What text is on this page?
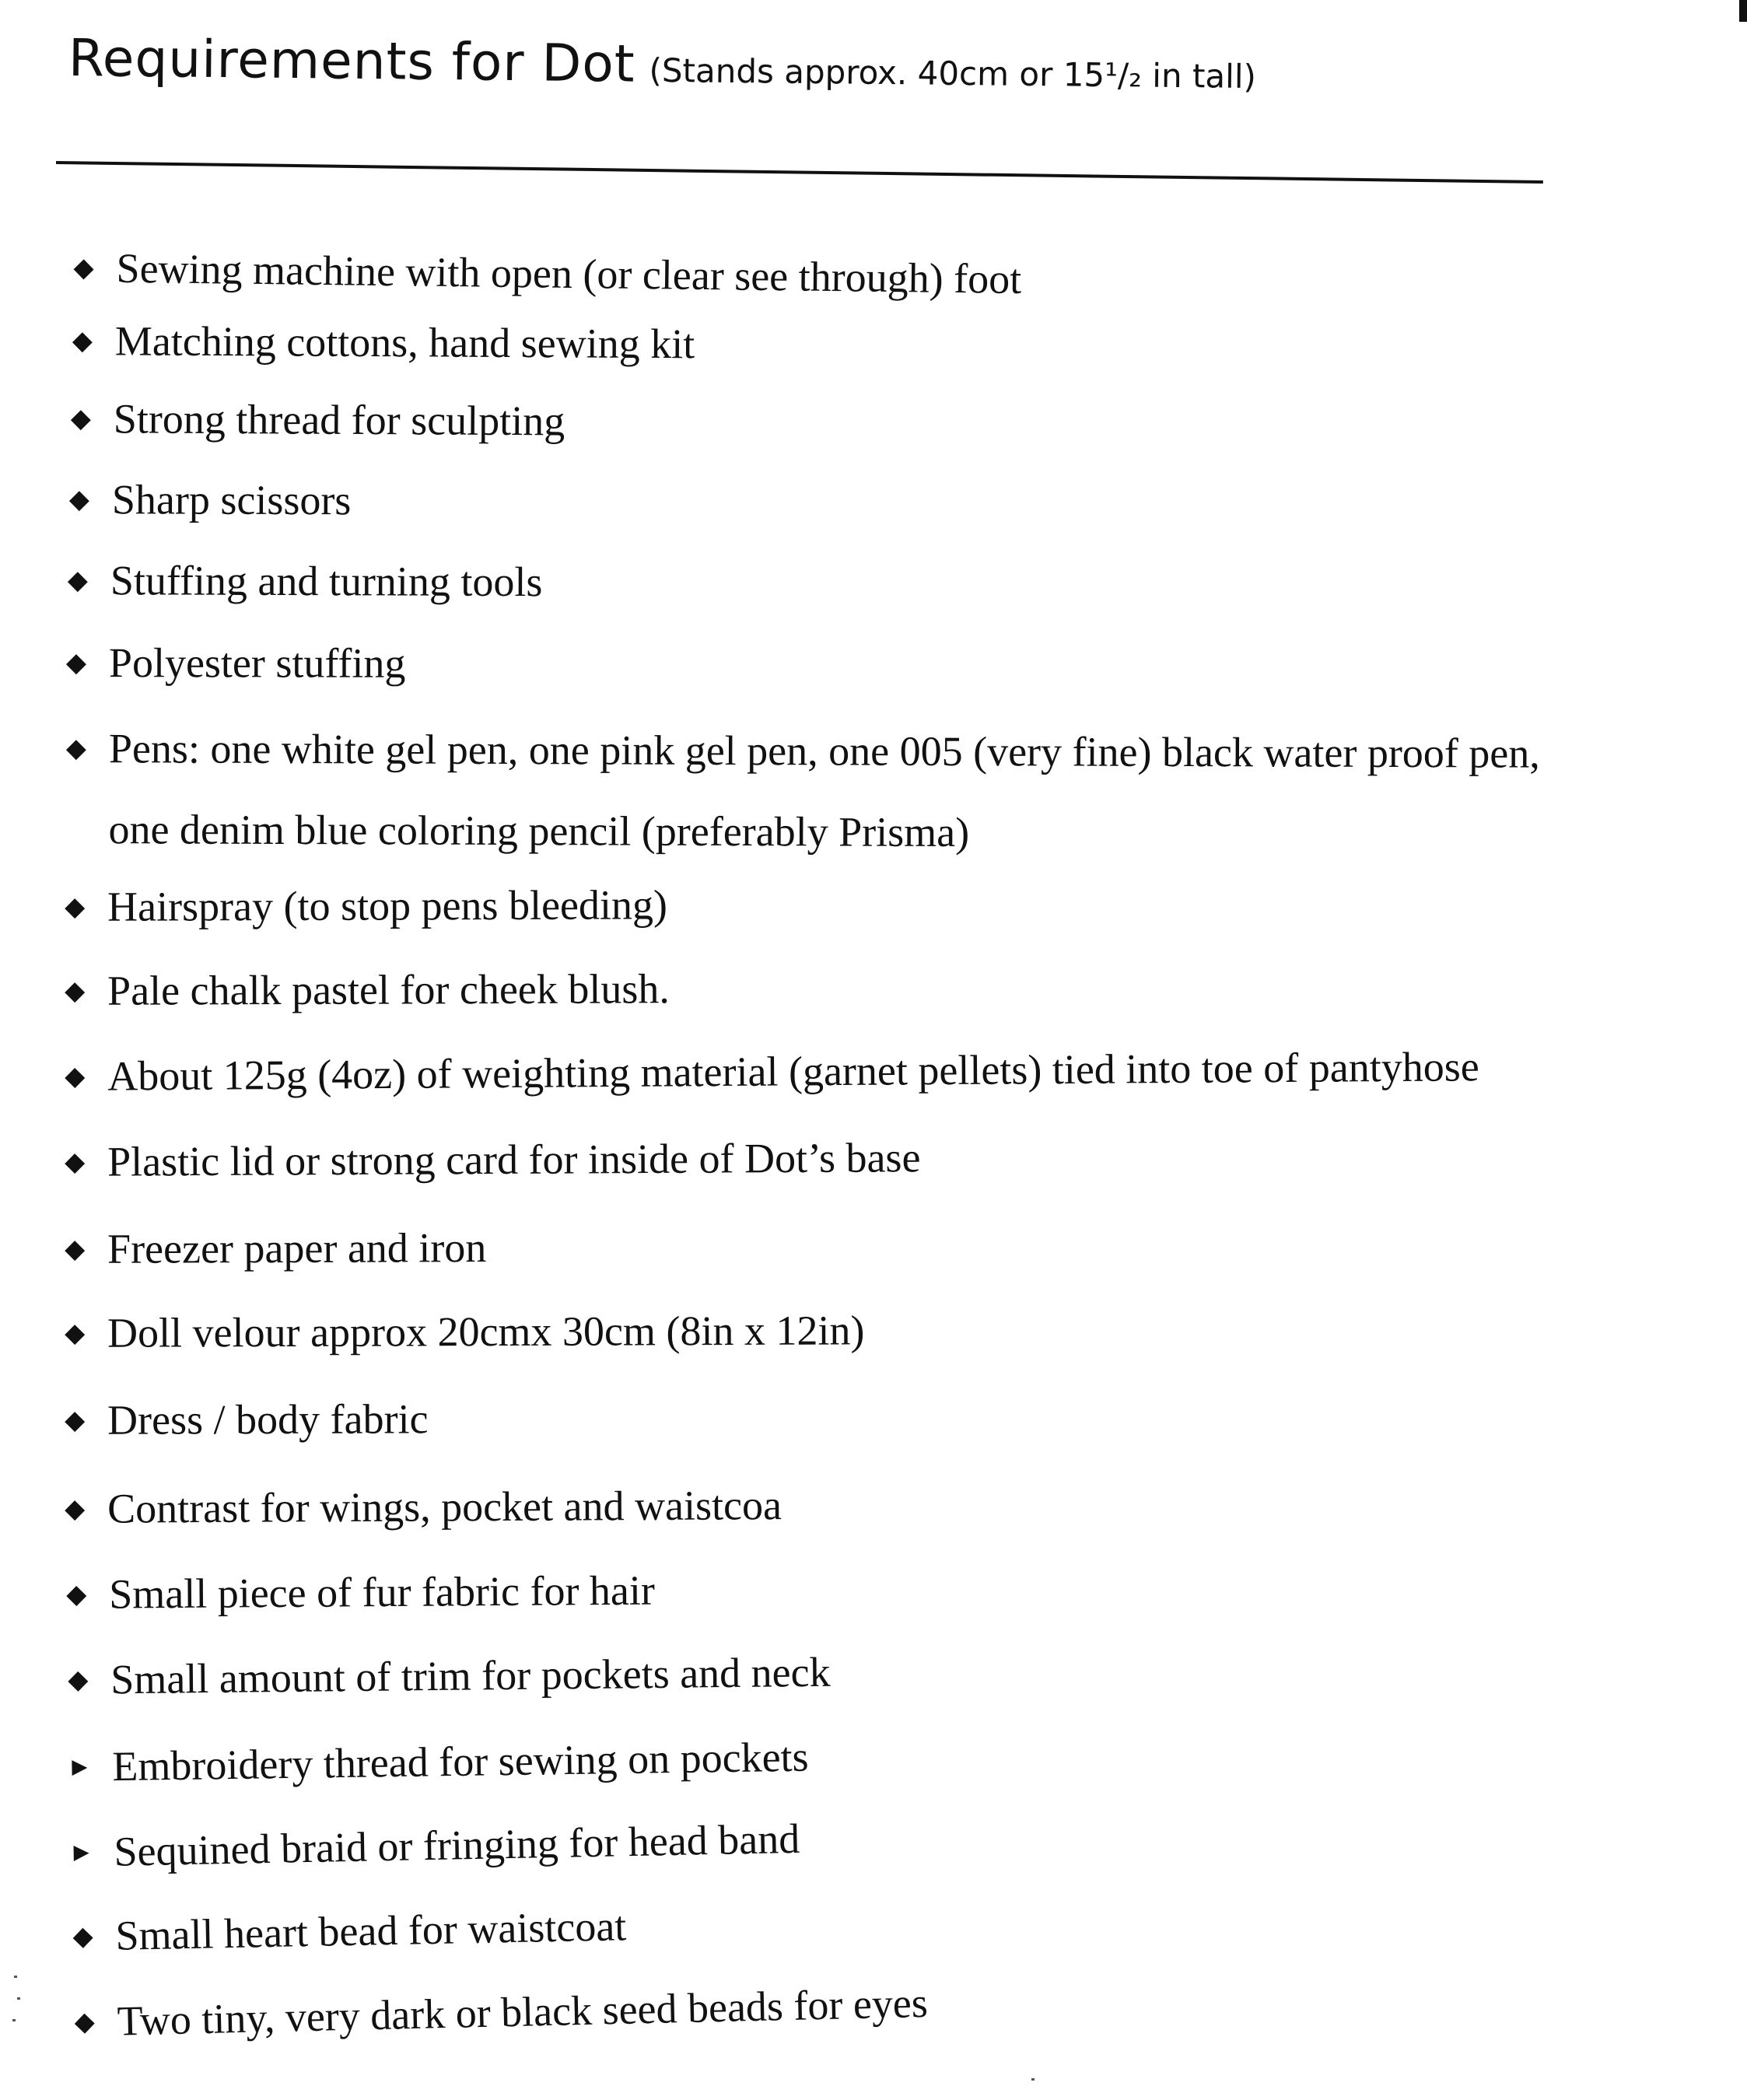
Requirements for Dot (Stands approx. 40cm or 15¹/₂ in tall)
◆ Sewing machine with open (or clear see through) foot
◆ Matching cottons, hand sewing kit
◆ Strong thread for sculpting
◆ Sharp scissors
◆ Stuffing and turning tools
◆ Polyester stuffing
◆ Pens: one white gel pen, one pink gel pen, one 005 (very fine) black water proof pen,
one denim blue coloring pencil (preferably Prisma)
◆ Hairspray (to stop pens bleeding)
◆ Pale chalk pastel for cheek blush.
◆ About 125g (4oz) of weighting material (garnet pellets) tied into toe of pantyhose
◆ Plastic lid or strong card for inside of Dot’s base
◆ Freezer paper and iron
◆ Doll velour approx 20cmx 30cm (8in x 12in)
◆ Dress / body fabric
◆ Contrast for wings, pocket and waistcoa
◆ Small piece of fur fabric for hair
◆ Small amount of trim for pockets and neck
▶ Embroidery thread for sewing on pockets
▶ Sequined braid or fringing for head band
◆ Small heart bead for waistcoat
◆ Two tiny, very dark or black seed beads for eyes
